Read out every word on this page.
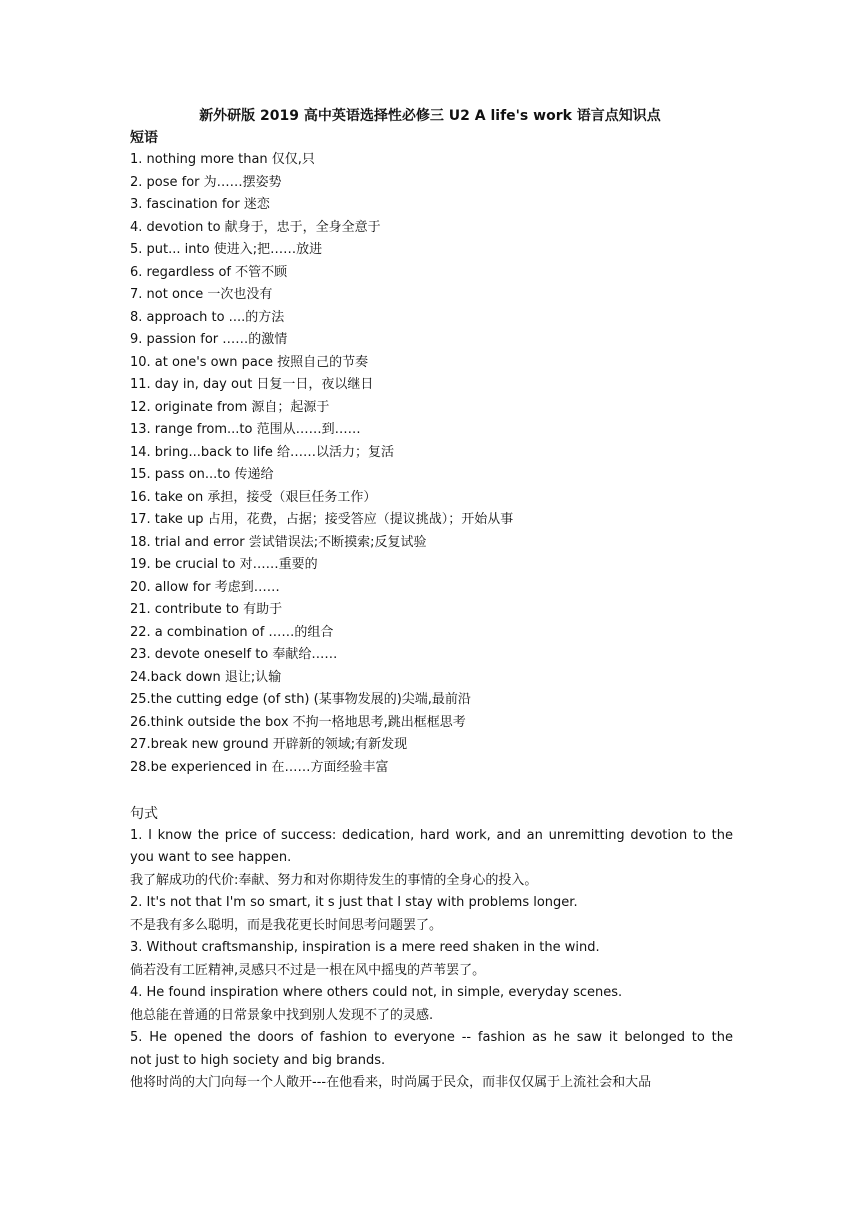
新外研版 2019 高中英语选择性必修三 U2 A life's work 语言点知识点
短语
1. nothing more than 仅仅,只
2. pose for 为……摆姿势
3. fascination for 迷恋
4. devotion to 献身于，忠于，全身全意于
5. put... into 使进入;把……放进
6. regardless of 不管不顾
7. not once 一次也没有
8. approach to ....的方法
9. passion for ……的激情
10. at one's own pace 按照自己的节奏
11. day in, day out 日复一日，夜以继日
12. originate from 源自；起源于
13. range from...to 范围从……到……
14. bring...back to life 给……以活力；复活
15. pass on...to 传递给
16. take on 承担，接受（艰巨任务工作）
17. take up 占用，花费，占据；接受答应（提议挑战）；开始从事
18. trial and error 尝试错误法;不断摸索;反复试验
19. be crucial to 对……重要的
20. allow for 考虑到……
21. contribute to 有助于
22. a combination of ……的组合
23. devote oneself to 奉献给……
24.back down 退让;认输
25.the cutting edge (of sth) (某事物发展的)尖端,最前沿
26.think outside the box 不拘一格地思考,跳出框框思考
27.break new ground 开辟新的领域;有新发现
28.be experienced in 在……方面经验丰富
句式
1. I know the price of success: dedication, hard work, and an unremitting devotion to the
you want to see happen.
我了解成功的代价:奉献、努力和对你期待发生的事情的全身心的投入。
2. It's not that I'm so smart, it s just that I stay with problems longer.
不是我有多么聪明，而是我花更长时间思考问题罢了。
3. Without craftsmanship, inspiration is a mere reed shaken in the wind.
倘若没有工匠精神,灵感只不过是一根在风中摇曳的芦苇罢了。
4. He found inspiration where others could not, in simple, everyday scenes.
他总能在普通的日常景象中找到别人发现不了的灵感.
5. He opened the doors of fashion to everyone -- fashion as he saw it belonged to the
not just to high society and big brands.
他将时尚的大门向每一个人敞开---在他看来，时尚属于民众，而非仅仅属于上流社会和大品
